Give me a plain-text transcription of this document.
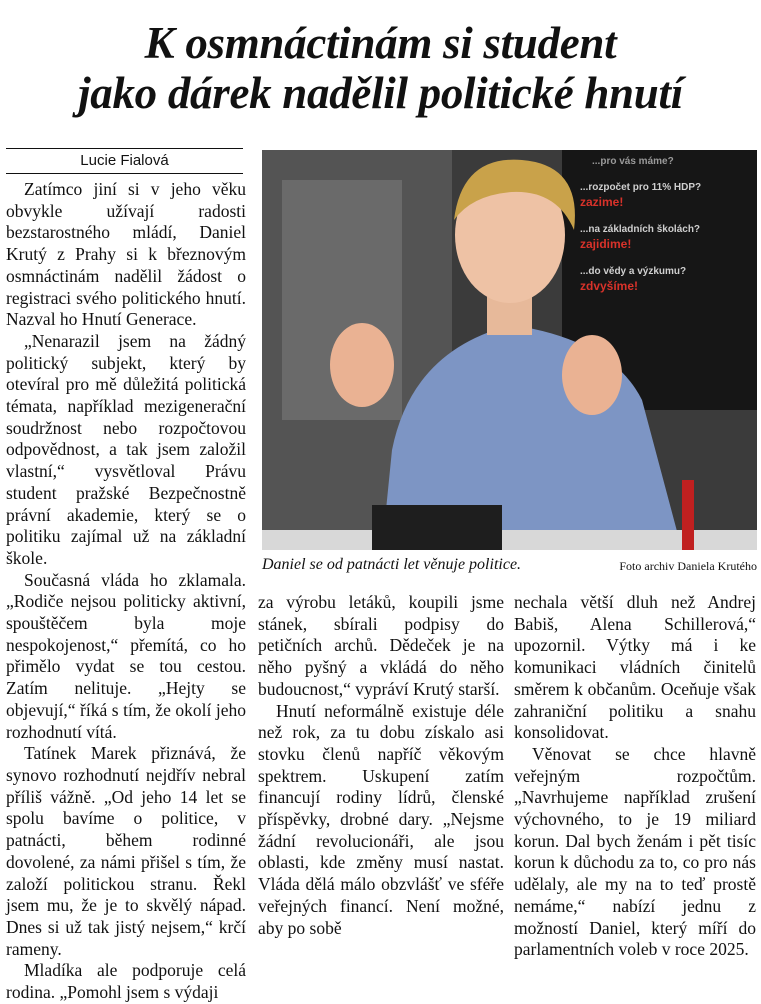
K osmnáctinám si student
jako dárek nadělil politické hnutí
Lucie Fialová

Zatímco jiní si v jeho věku obvykle užívají radosti bezstarostného mládí, Daniel Krutý z Prahy si k březnovým osmnáctinám nadělil žádost o registraci svého politického hnutí. Nazval ho Hnutí Generace.

„Nenarazil jsem na žádný politický subjekt, který by otevíral pro mě důležitá politická témata, například mezigenerační soudržnost nebo rozpočtovou odpovědnost, a tak jsem založil vlastní,“ vysvětloval Právu student pražské Bezpečnostně právní akademie, který se o politiku zajímal už na základní škole.

Současná vláda ho zklamala. „Rodiče nejsou politicky aktivní, spouštěčem byla moje nespokojenost,“ přemítá, co ho přimělo vydat se tou cestou. Zatím nelituje. „Hejty se objevují,“ říká s tím, že okolí jeho rozhodnutí vítá.

Tatínek Marek přiznává, že synovo rozhodnutí nejdřív nebral příliš vážně. „Od jeho 14 let se spolu bavíme o politice, v patnácti, během rodinné dovolené, za námi přišel s tím, že založí politickou stranu. Řekl jsem mu, že je to skvělý nápad. Dnes si už tak jistý nejsem,“ krčí rameny.

Mladíka ale podporuje celá rodina. „Pomohl jsem s výdaji

...pro vás máme?
...rozpočet pro 11% HDP?
zazime!
...na základních školách?
zajidime!
...do vědy a výzkumu?
zdvyšíme!
Daniel se od patnácti let věnuje politice.	Foto archiv Daniela Krutého

za výrobu letáků, koupili jsme stánek, sbírali podpisy do petičních archů. Dědeček je na něho pyšný a vkládá do něho budoucnost,“ vypráví Krutý starší.

Hnutí neformálně existuje déle než rok, za tu dobu získalo asi stovku členů napříč věkovým spektrem. Uskupení zatím financují rodiny lídrů, členské příspěvky, drobné dary. „Nejsme žádní revolucionáři, ale jsou oblasti, kde změny musí nastat. Vláda dělá málo obzvlášť ve sféře veřejných financí. Není možné, aby po sobě

nechala větší dluh než Andrej Babiš, Alena Schillerová,“ upozornil. Výtky má i ke komunikaci vládních činitelů směrem k občanům. Oceňuje však zahraniční politiku a snahu konsolidovat.

Věnovat se chce hlavně veřejným rozpočtům. „Navrhujeme například zrušení výchovného, to je 19 miliard korun. Dal bych ženám i pět tisíc korun k důchodu za to, co pro nás udělaly, ale my na to teď prostě nemáme,“ nabízí jednu z možností Daniel, který míří do parlamentních voleb v roce 2025.
